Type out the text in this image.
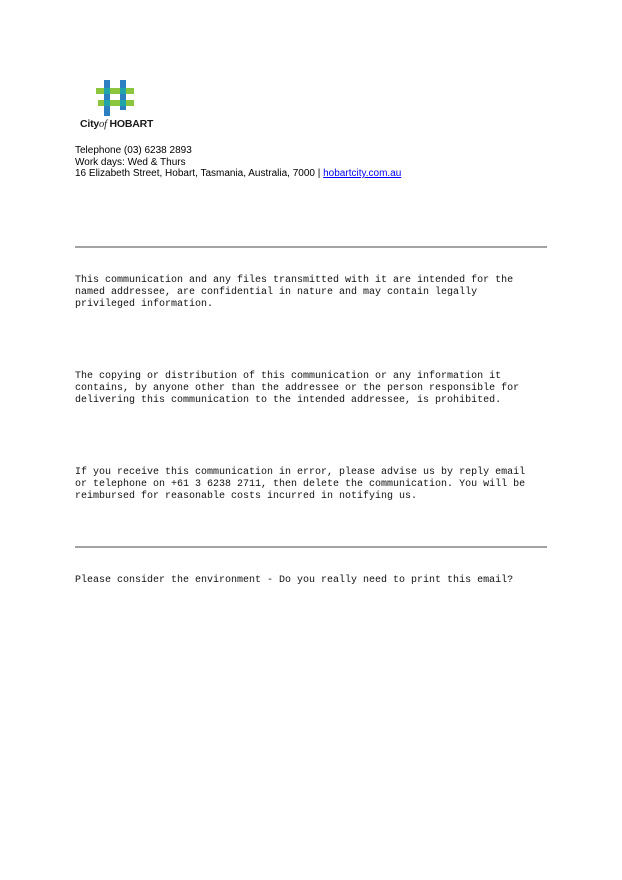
Cityof HOBART
Telephone (03) 6238 2893
Work days: Wed & Thurs
16 Elizabeth Street, Hobart, Tasmania, Australia, 7000 | hobartcity.com.au
This communication and any files transmitted with it are intended for the
named addressee, are confidential in nature and may contain legally
privileged information.
The copying or distribution of this communication or any information it
contains, by anyone other than the addressee or the person responsible for
delivering this communication to the intended addressee, is prohibited.
If you receive this communication in error, please advise us by reply email
or telephone on +61 3 6238 2711, then delete the communication. You will be
reimbursed for reasonable costs incurred in notifying us.
Please consider the environment - Do you really need to print this email?
